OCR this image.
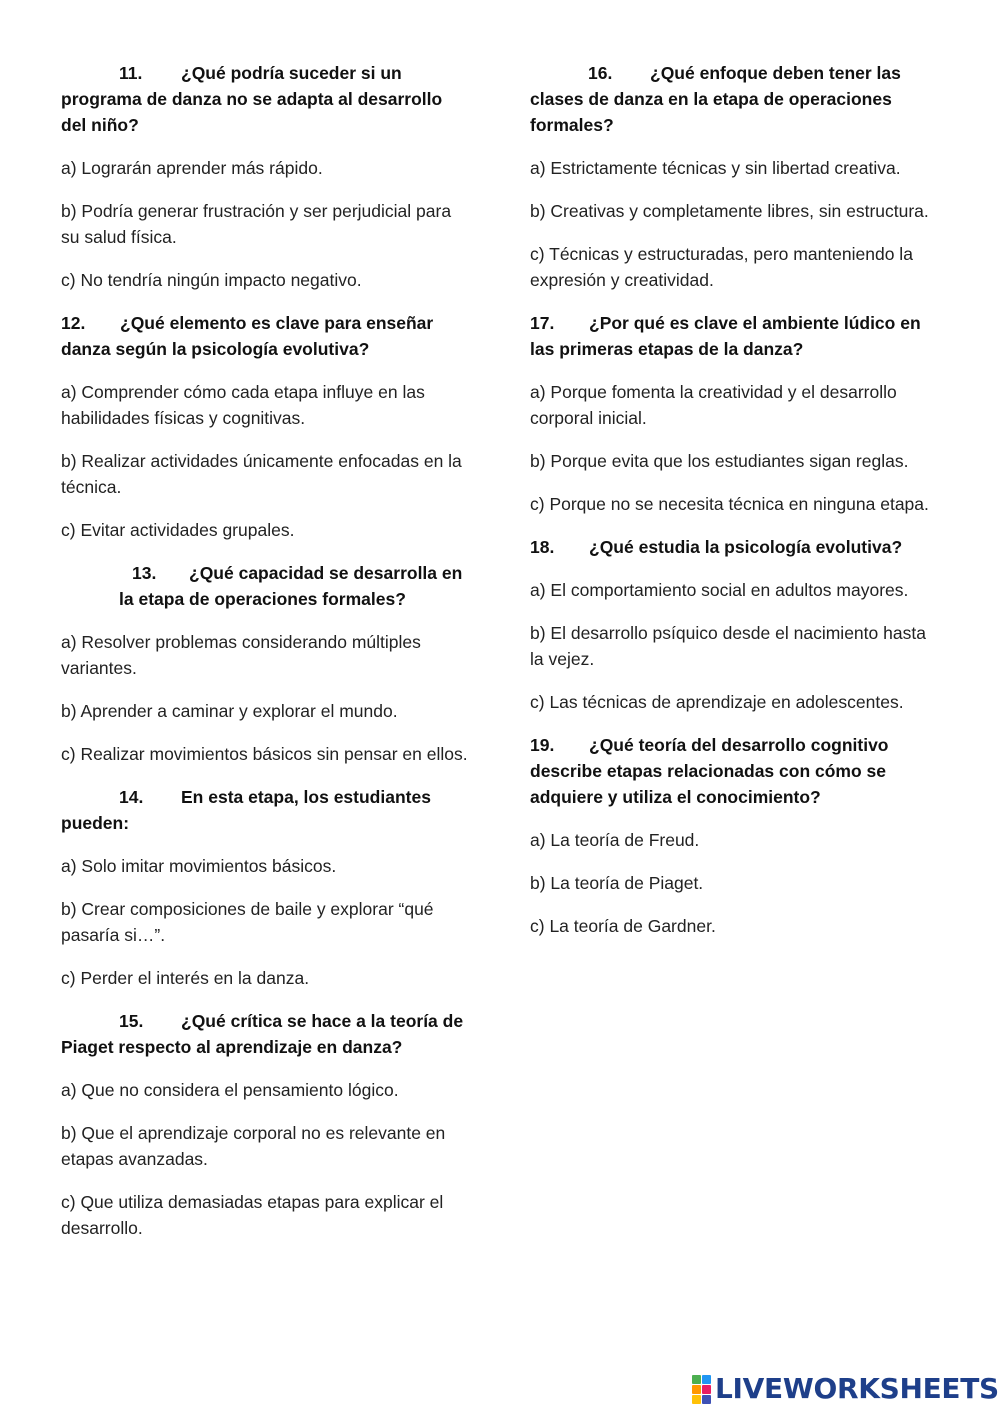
11. ¿Qué podría suceder si un programa de danza no se adapta al desarrollo del niño?
a) Lograrán aprender más rápido.
b) Podría generar frustración y ser perjudicial para su salud física.
c) No tendría ningún impacto negativo.
12. ¿Qué elemento es clave para enseñar danza según la psicología evolutiva?
a) Comprender cómo cada etapa influye en las habilidades físicas y cognitivas.
b) Realizar actividades únicamente enfocadas en la técnica.
c) Evitar actividades grupales.
13. ¿Qué capacidad se desarrolla en la etapa de operaciones formales?
a) Resolver problemas considerando múltiples variantes.
b) Aprender a caminar y explorar el mundo.
c) Realizar movimientos básicos sin pensar en ellos.
14. En esta etapa, los estudiantes pueden:
a) Solo imitar movimientos básicos.
b) Crear composiciones de baile y explorar “qué pasaría si…”.
c) Perder el interés en la danza.
15. ¿Qué crítica se hace a la teoría de Piaget respecto al aprendizaje en danza?
a) Que no considera el pensamiento lógico.
b) Que el aprendizaje corporal no es relevante en etapas avanzadas.
c) Que utiliza demasiadas etapas para explicar el desarrollo.
16. ¿Qué enfoque deben tener las clases de danza en la etapa de operaciones formales?
a) Estrictamente técnicas y sin libertad creativa.
b) Creativas y completamente libres, sin estructura.
c) Técnicas y estructuradas, pero manteniendo la expresión y creatividad.
17. ¿Por qué es clave el ambiente lúdico en las primeras etapas de la danza?
a) Porque fomenta la creatividad y el desarrollo corporal inicial.
b) Porque evita que los estudiantes sigan reglas.
c) Porque no se necesita técnica en ninguna etapa.
18. ¿Qué estudia la psicología evolutiva?
a) El comportamiento social en adultos mayores.
b) El desarrollo psíquico desde el nacimiento hasta la vejez.
c) Las técnicas de aprendizaje en adolescentes.
19. ¿Qué teoría del desarrollo cognitivo describe etapas relacionadas con cómo se adquiere y utiliza el conocimiento?
a) La teoría de Freud.
b) La teoría de Piaget.
c) La teoría de Gardner.
LIVEWORKSHEETS
